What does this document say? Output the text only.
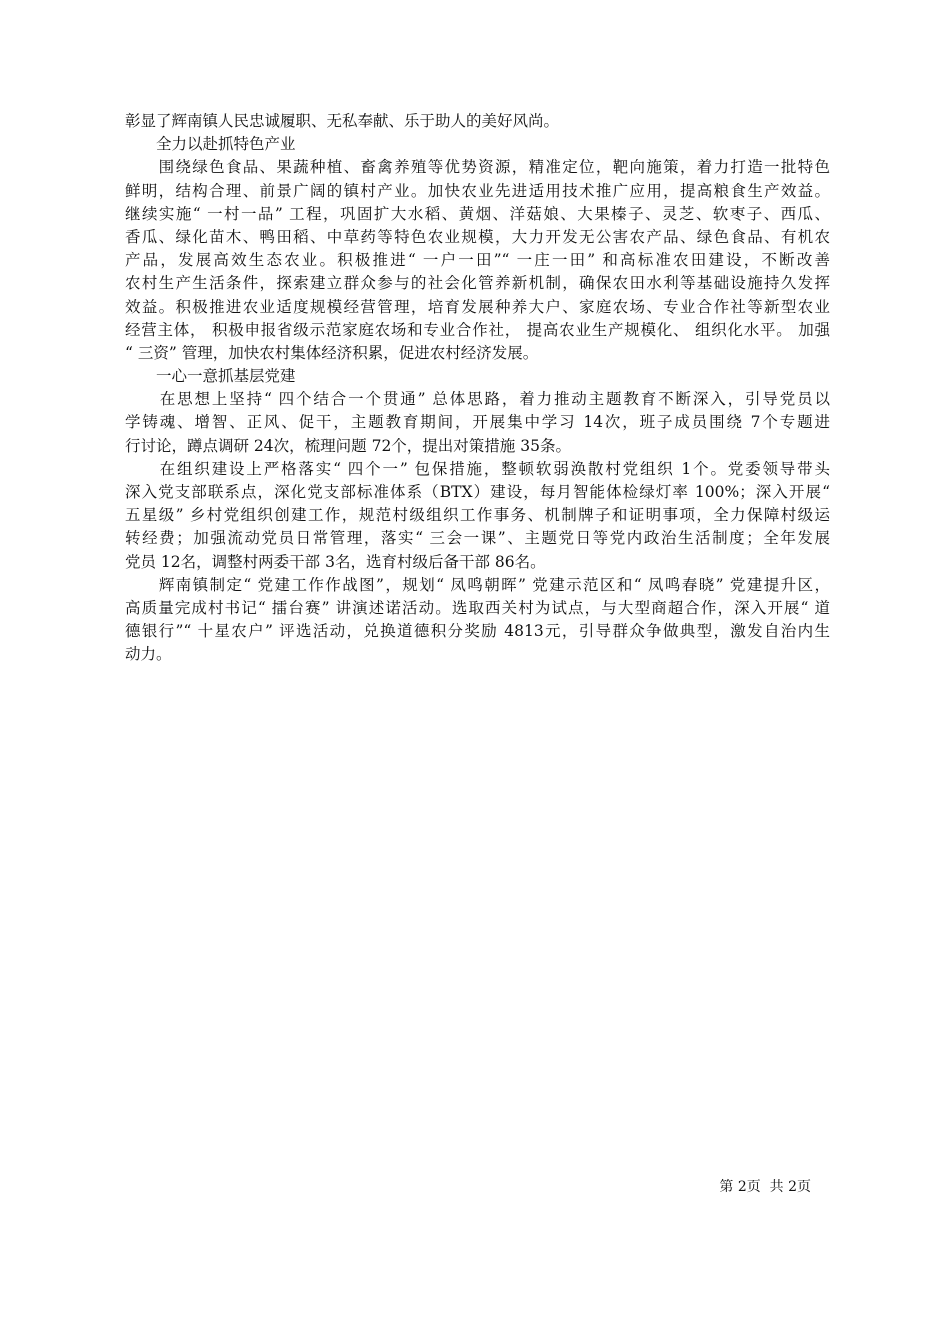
彰显了辉南镇人民忠诚履职、无私奉献、乐于助人的美好风尚。
全力以赴抓特色产业
　　围绕绿色食品、果蔬种植、畜禽养殖等优势资源，精准定位，靶向施策，着力打造一批特色
鲜明，结构合理、前景广阔的镇村产业。加快农业先进适用技术推广应用，提高粮食生产效益。
继续实施“ 一村一品” 工程，巩固扩大水稻、黄烟、洋菇娘、大果榛子、灵芝、软枣子、西瓜、
香瓜、绿化苗木、鸭田稻、中草药等特色农业规模，大力开发无公害农产品、绿色食品、有机农
产品，发展高效生态农业。积极推进“ 一户一田”“ 一庄一田” 和高标准农田建设，不断改善
农村生产生活条件，探索建立群众参与的社会化管养新机制，确保农田水利等基础设施持久发挥
效益。积极推进农业适度规模经营管理，培育发展种养大户、家庭农场、专业合作社等新型农业
经营主体， 积极申报省级示范家庭农场和专业合作社， 提高农业生产规模化、 组织化水平。 加强
“ 三资” 管理，加快农村集体经济积累，促进农村经济发展。
一心一意抓基层党建
　　在思想上坚持“ 四个结合一个贯通” 总体思路，着力推动主题教育不断深入，引导党员以
学铸魂、增智、正风、促干，主题教育期间，开展集中学习 14次，班子成员围绕 7个专题进
行讨论，蹲点调研 24次，梳理问题 72个，提出对策措施 35条。
　　在组织建设上严格落实“ 四个一” 包保措施，整顿软弱涣散村党组织 1个。党委领导带头
深入党支部联系点，深化党支部标准体系（BTX）建设，每月智能体检绿灯率 100%；深入开展“
五星级” 乡村党组织创建工作，规范村级组织工作事务、机制牌子和证明事项，全力保障村级运
转经费；加强流动党员日常管理，落实“ 三会一课”、主题党日等党内政治生活制度；全年发展
党员 12名，调整村两委干部 3名，选育村级后备干部 86名。
　　辉南镇制定“ 党建工作作战图”，规划“ 凤鸣朝晖” 党建示范区和“ 凤鸣春晓” 党建提升区，
高质量完成村书记“ 擂台赛” 讲演述诺活动。选取西关村为试点，与大型商超合作，深入开展“ 道
德银行”“ 十星农户” 评选活动，兑换道德积分奖励 4813元，引导群众争做典型，激发自治内生
动力。
第 2页  共 2页
